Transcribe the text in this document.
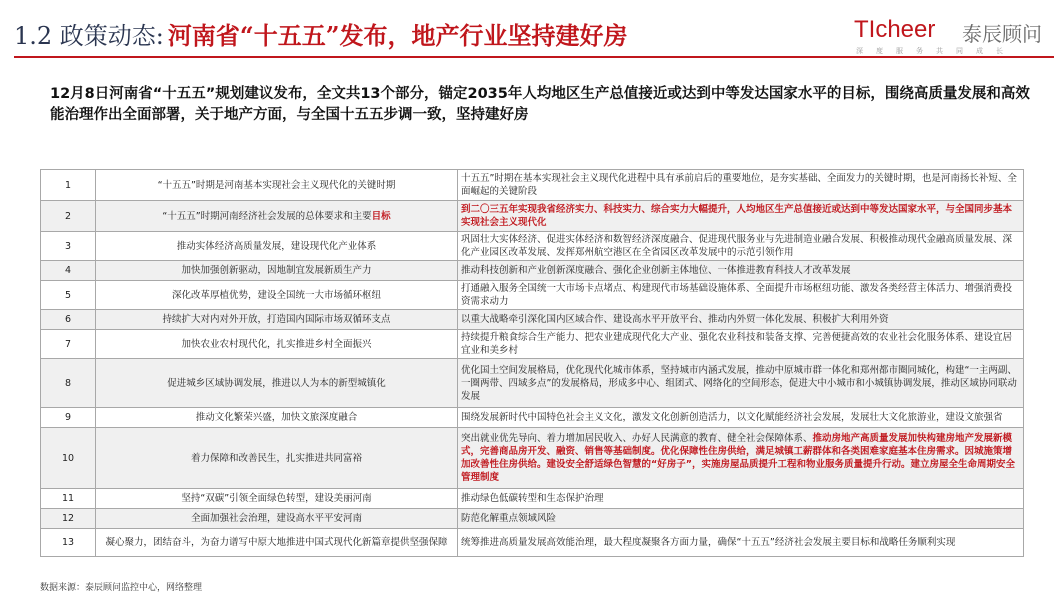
1.2 政策动态: 河南省“十五五”发布，地产行业坚持建好房	TIcheer 泰辰顾问
深度服务共同成长
12月8日河南省“十五五”规划建议发布，全文共13个部分，锚定2035年人均地区生产总值接近或达到中等发达国家水平的目标，围绕高质量发展和高效能治理作出全面部署，关于地产方面，与全国十五五步调一致，坚持建好房
1	“十五五”时期是河南基本实现社会主义现代化的关键时期	十五五”时期在基本实现社会主义现代化进程中具有承前启后的重要地位，是夯实基础、全面发力的关键时期，也是河南扬长补短、全面崛起的关键阶段
2	“十五五”时期河南经济社会发展的总体要求和主要目标	到二〇三五年实现我省经济实力、科技实力、综合实力大幅提升，人均地区生产总值接近或达到中等发达国家水平，与全国同步基本实现社会主义现代化
3	推动实体经济高质量发展，建设现代化产业体系	巩固壮大实体经济、促进实体经济和数智经济深度融合、促进现代服务业与先进制造业融合发展、积极推动现代金融高质量发展、深化产业园区改革发展、发挥郑州航空港区在全省园区改革发展中的示范引领作用
4	加快加强创新驱动，因地制宜发展新质生产力	推动科技创新和产业创新深度融合、强化企业创新主体地位、一体推进教育科技人才改革发展
5	深化改革厚植优势，建设全国统一大市场循环枢纽	打通融入服务全国统一大市场卡点堵点、构建现代市场基础设施体系、全面提升市场枢纽功能、激发各类经营主体活力、增强消费投资需求动力
6	持续扩大对内对外开放，打造国内国际市场双循环支点	以重大战略牵引深化国内区域合作、建设高水平开放平台、推动内外贸一体化发展、积极扩大利用外资
7	加快农业农村现代化，扎实推进乡村全面振兴	持续提升粮食综合生产能力、把农业建成现代化大产业、强化农业科技和装备支撑、完善便捷高效的农业社会化服务体系、建设宜居宜业和美乡村
8	促进城乡区域协调发展，推进以人为本的新型城镇化	优化国土空间发展格局，优化现代化城市体系，坚持城市内涵式发展，推动中原城市群一体化和郑州都市圈同城化，构建“一主两副、一圈两带、四域多点”的发展格局，形成多中心、组团式、网络化的空间形态，促进大中小城市和小城镇协调发展，推动区域协同联动发展
9	推动文化繁荣兴盛，加快文旅深度融合	围绕发展新时代中国特色社会主义文化，激发文化创新创造活力，以文化赋能经济社会发展，发展壮大文化旅游业，建设文旅强省
10	着力保障和改善民生，扎实推进共同富裕	突出就业优先导向、着力增加居民收入、办好人民满意的教育、健全社会保障体系、推动房地产高质量发展加快构建房地产发展新模式，完善商品房开发、融资、销售等基础制度。优化保障性住房供给，满足城镇工薪群体和各类困难家庭基本住房需求。因城施策增加改善性住房供给。建设安全舒适绿色智慧的“好房子”，实施房屋品质提升工程和物业服务质量提升行动。建立房屋全生命周期安全管理制度
11	坚持“双碳”引领全面绿色转型，建设美丽河南	推动绿色低碳转型和生态保护治理
12	全面加强社会治理，建设高水平平安河南	防范化解重点领域风险
13	凝心聚力，团结奋斗，为奋力谱写中原大地推进中国式现代化新篇章提供坚强保障	统筹推进高质量发展高效能治理，最大程度凝聚各方面力量，确保“十五五”经济社会发展主要目标和战略任务顺利实现
数据来源：泰辰顾问监控中心，网络整理
